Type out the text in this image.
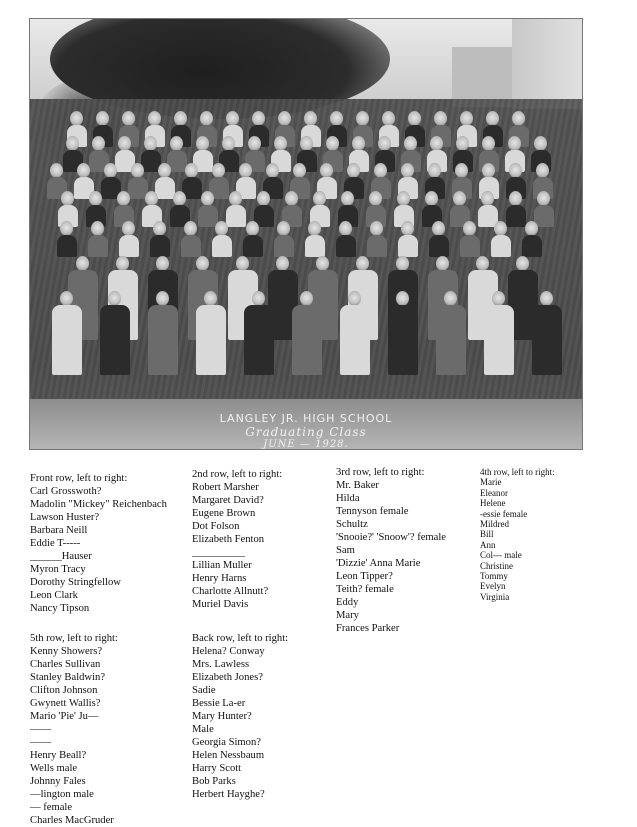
LANGLEY JR. HIGH SCHOOL
Graduating Class
JUNE — 1928.
Front row, left to right:
Carl Grosswoth?
Madolin "Mickey" Reichenbach
Lawson Huster?
Barbara Neill
Eddie T-----
______Hauser
Myron Tracy
Dorothy Stringfellow
Leon Clark
Nancy Tipson
2nd row, left to right:
Robert Marsher
Margaret David?
Eugene Brown
Dot Folson
Elizabeth Fenton
__________
Lillian Muller
Henry Harns
Charlotte Allnutt?
Muriel Davis
3rd row, left to right:
Mr. Baker
Hilda
Tennyson female
Schultz
'Snooie?' 'Snoow'? female
Sam
'Dizzie' Anna Marie
Leon Tipper?
Teith? female
Eddy
Mary
Frances Parker
4th row, left to right:
Marie
Eleanor
Helene
-essie female
Mildred
Bill
Ann
Col--- male
Christine
Tommy
Evelyn
Virginia
5th row, left to right:
Kenny Showers?
Charles Sullivan
Stanley Baldwin?
Clifton Johnson
Gwynett Wallis?
Mario 'Pie' Ju—
——
——
Henry Beall?
Wells male
Johnny Fales
—lington male
— female
Charles MacGruder
Back row, left to right:
Helena? Conway
Mrs. Lawless
Elizabeth Jones?
Sadie
Bessie La-er
Mary Hunter?
Male
Georgia Simon?
Helen Nessbaum
Harry Scott
Bob Parks
Herbert Hayghe?
